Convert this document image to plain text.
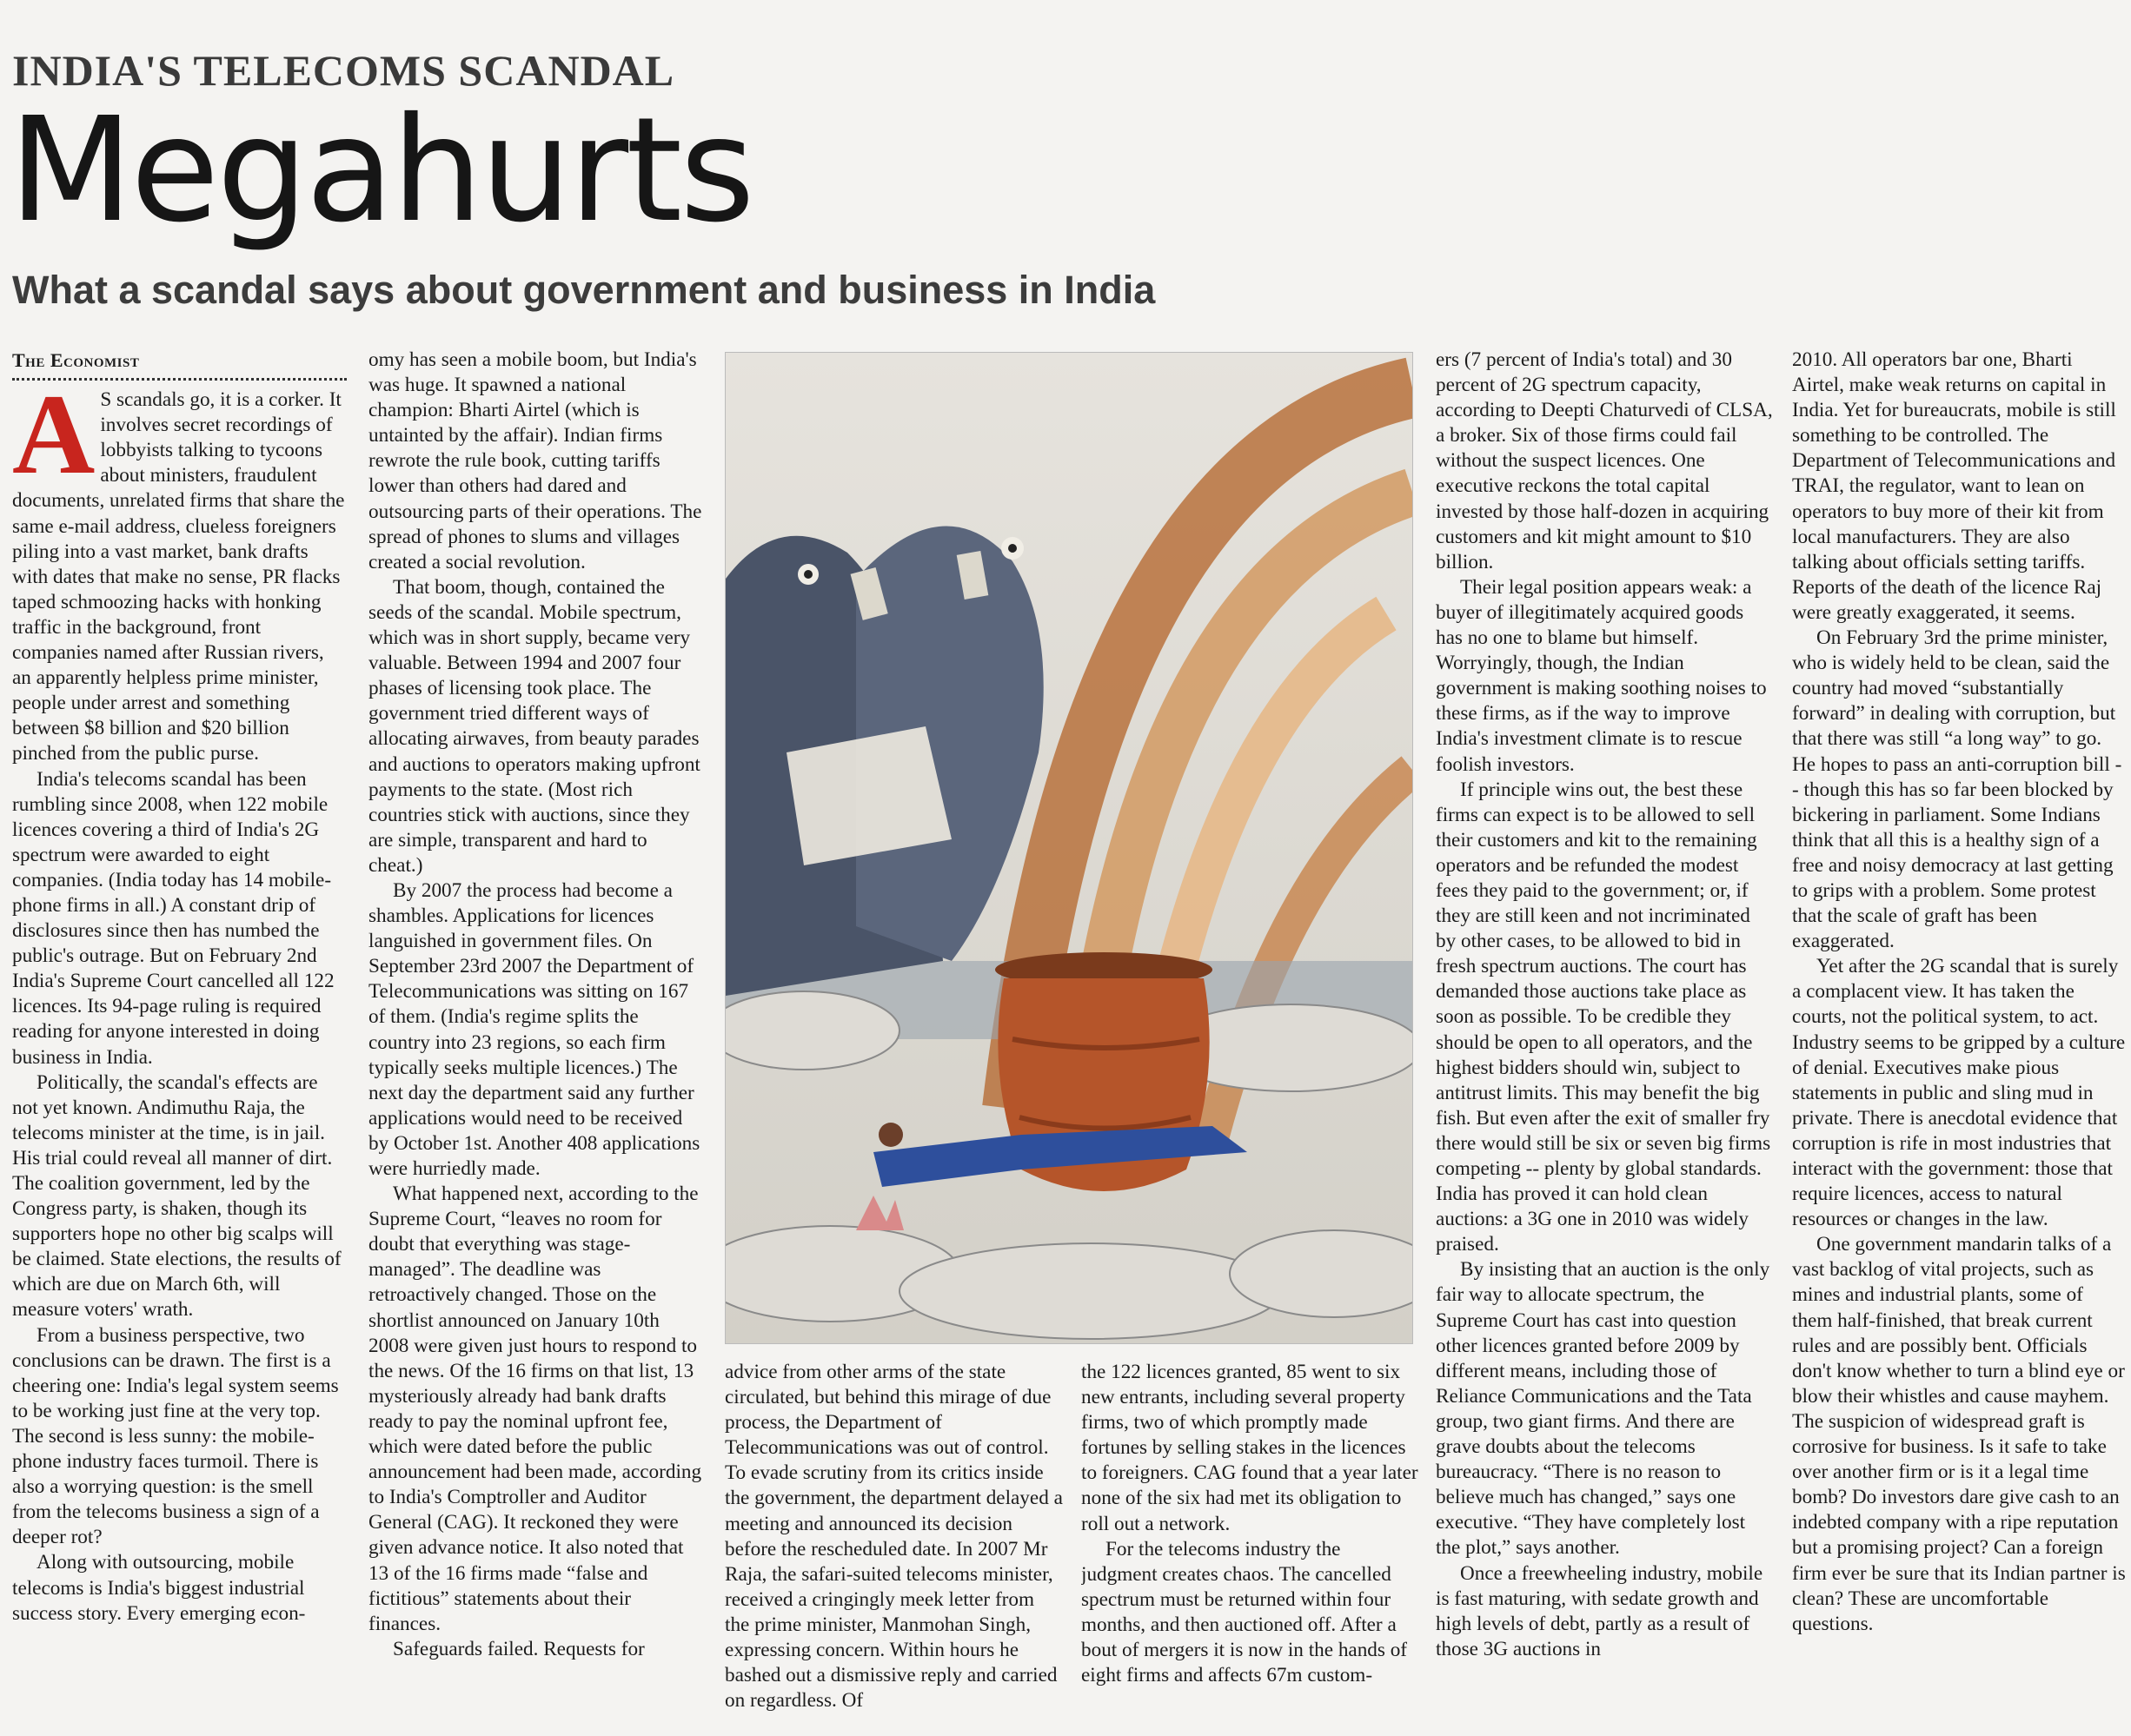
INDIA'S TELECOMS SCANDAL
Megahurts
What a scandal says about government and business in India
The Economist

A S scandals go, it is a corker. It involves secret recordings of lobbyists talking to tycoons about ministers, fraudulent documents, unrelated firms that share the same e-mail address, clueless foreigners piling into a vast market, bank drafts with dates that make no sense, PR flacks taped schmoozing hacks with honking traffic in the background, front companies named after Russian rivers, an apparently helpless prime minister, people under arrest and something between $8 billion and $20 billion pinched from the public purse.

India's telecoms scandal has been rumbling since 2008, when 122 mobile licences covering a third of India's 2G spectrum were awarded to eight companies. (India today has 14 mobile-phone firms in all.) A constant drip of disclosures since then has numbed the public's outrage. But on February 2nd India's Supreme Court cancelled all 122 licences. Its 94-page ruling is required reading for anyone interested in doing business in India.

Politically, the scandal's effects are not yet known. Andimuthu Raja, the telecoms minister at the time, is in jail. His trial could reveal all manner of dirt. The coalition government, led by the Congress party, is shaken, though its supporters hope no other big scalps will be claimed. State elections, the results of which are due on March 6th, will measure voters' wrath.

From a business perspective, two conclusions can be drawn. The first is a cheering one: India's legal system seems to be working just fine at the very top. The second is less sunny: the mobile-phone industry faces turmoil. There is also a worrying question: is the smell from the telecoms business a sign of a deeper rot?

Along with outsourcing, mobile telecoms is India's biggest industrial success story. Every emerging econ-

omy has seen a mobile boom, but India's was huge. It spawned a national champion: Bharti Airtel (which is untainted by the affair). Indian firms rewrote the rule book, cutting tariffs lower than others had dared and outsourcing parts of their operations. The spread of phones to slums and villages created a social revolution.

That boom, though, contained the seeds of the scandal. Mobile spectrum, which was in short supply, became very valuable. Between 1994 and 2007 four phases of licensing took place. The government tried different ways of allocating airwaves, from beauty parades and auctions to operators making upfront payments to the state. (Most rich countries stick with auctions, since they are simple, transparent and hard to cheat.)

By 2007 the process had become a shambles. Applications for licences languished in government files. On September 23rd 2007 the Department of Telecommunications was sitting on 167 of them. (India's regime splits the country into 23 regions, so each firm typically seeks multiple licences.) The next day the department said any further applications would need to be received by October 1st. Another 408 applications were hurriedly made.

What happened next, according to the Supreme Court, “leaves no room for doubt that everything was stage-managed”. The deadline was retroactively changed. Those on the shortlist announced on January 10th 2008 were given just hours to respond to the news. Of the 16 firms on that list, 13 mysteriously already had bank drafts ready to pay the nominal upfront fee, which were dated before the public announcement had been made, according to India's Comptroller and Auditor General (CAG). It reckoned they were given advance notice. It also noted that 13 of the 16 firms made “false and fictitious” statements about their finances.

Safeguards failed. Requests for

advice from other arms of the state circulated, but behind this mirage of due process, the Department of Telecommunications was out of control. To evade scrutiny from its critics inside the government, the department delayed a meeting and announced its decision before the rescheduled date. In 2007 Mr Raja, the safari-suited telecoms minister, received a cringingly meek letter from the prime minister, Manmohan Singh, expressing concern. Within hours he bashed out a dismissive reply and carried on regardless. Of

the 122 licences granted, 85 went to six new entrants, including several property firms, two of which promptly made fortunes by selling stakes in the licences to foreigners. CAG found that a year later none of the six had met its obligation to roll out a network.

For the telecoms industry the judgment creates chaos. The cancelled spectrum must be returned within four months, and then auctioned off. After a bout of mergers it is now in the hands of eight firms and affects 67m custom-

ers (7 percent of India's total) and 30 percent of 2G spectrum capacity, according to Deepti Chaturvedi of CLSA, a broker. Six of those firms could fail without the suspect licences. One executive reckons the total capital invested by those half-dozen in acquiring customers and kit might amount to $10 billion.

Their legal position appears weak: a buyer of illegitimately acquired goods has no one to blame but himself. Worryingly, though, the Indian government is making soothing noises to these firms, as if the way to improve India's investment climate is to rescue foolish investors.

If principle wins out, the best these firms can expect is to be allowed to sell their customers and kit to the remaining operators and be refunded the modest fees they paid to the government; or, if they are still keen and not incriminated by other cases, to be allowed to bid in fresh spectrum auctions. The court has demanded those auctions take place as soon as possible. To be credible they should be open to all operators, and the highest bidders should win, subject to antitrust limits. This may benefit the big fish. But even after the exit of smaller fry there would still be six or seven big firms competing -- plenty by global standards. India has proved it can hold clean auctions: a 3G one in 2010 was widely praised.

By insisting that an auction is the only fair way to allocate spectrum, the Supreme Court has cast into question other licences granted before 2009 by different means, including those of Reliance Communications and the Tata group, two giant firms. And there are grave doubts about the telecoms bureaucracy. “There is no reason to believe much has changed,” says one executive. “They have completely lost the plot,” says another.

Once a freewheeling industry, mobile is fast maturing, with sedate growth and high levels of debt, partly as a result of those 3G auctions in

2010. All operators bar one, Bharti Airtel, make weak returns on capital in India. Yet for bureaucrats, mobile is still something to be controlled. The Department of Telecommunications and TRAI, the regulator, want to lean on operators to buy more of their kit from local manufacturers. They are also talking about officials setting tariffs. Reports of the death of the licence Raj were greatly exaggerated, it seems.

On February 3rd the prime minister, who is widely held to be clean, said the country had moved “substantially forward” in dealing with corruption, but that there was still “a long way” to go. He hopes to pass an anti-corruption bill -- though this has so far been blocked by bickering in parliament. Some Indians think that all this is a healthy sign of a free and noisy democracy at last getting to grips with a problem. Some protest that the scale of graft has been exaggerated.

Yet after the 2G scandal that is surely a complacent view. It has taken the courts, not the political system, to act. Industry seems to be gripped by a culture of denial. Executives make pious statements in public and sling mud in private. There is anecdotal evidence that corruption is rife in most industries that interact with the government: those that require licences, access to natural resources or changes in the law.

One government mandarin talks of a vast backlog of vital projects, such as mines and industrial plants, some of them half-finished, that break current rules and are possibly bent. Officials don't know whether to turn a blind eye or blow their whistles and cause mayhem. The suspicion of widespread graft is corrosive for business. Is it safe to take over another firm or is it a legal time bomb? Do investors dare give cash to an indebted company with a ripe reputation but a promising project? Can a foreign firm ever be sure that its Indian partner is clean? These are uncomfortable questions.
